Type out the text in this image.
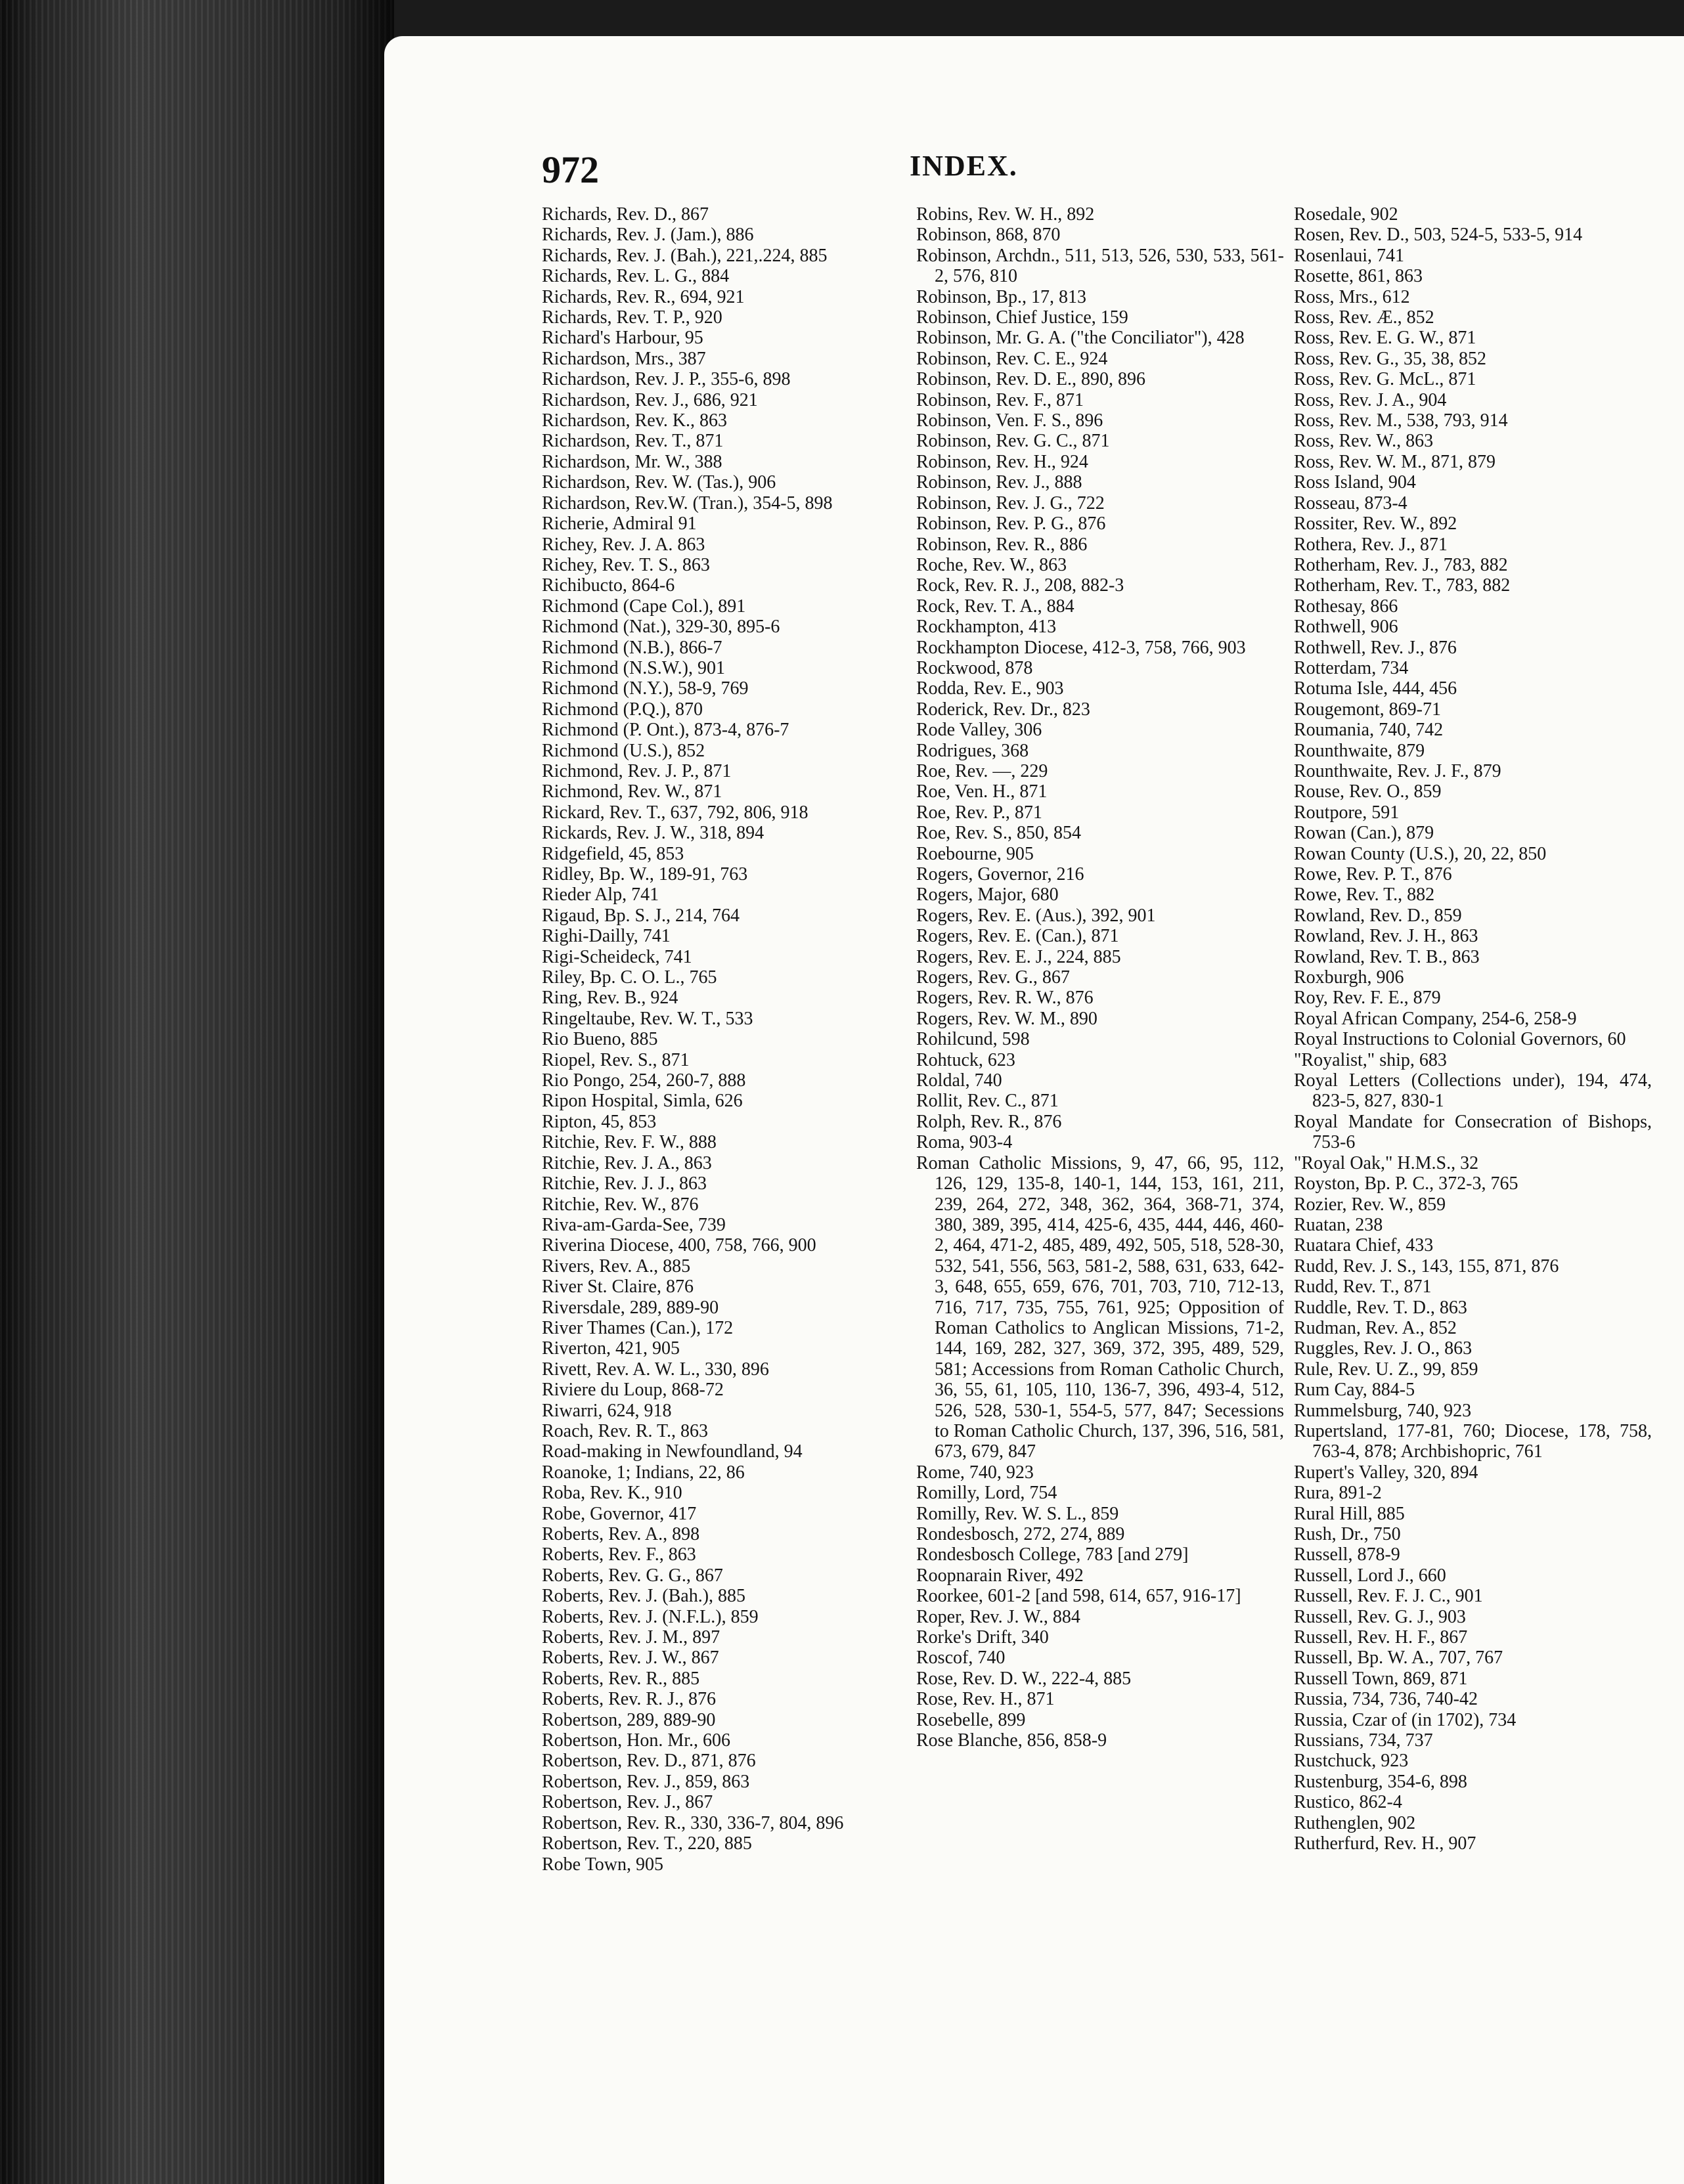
972	INDEX.
Richards, Rev. D., 867
Richards, Rev. J. (Jam.), 886
Richards, Rev. J. (Bah.), 221,.224, 885
Richards, Rev. L. G., 884
Richards, Rev. R., 694, 921
Richards, Rev. T. P., 920
Richard's Harbour, 95
Richardson, Mrs., 387
Richardson, Rev. J. P., 355-6, 898
Richardson, Rev. J., 686, 921
Richardson, Rev. K., 863
Richardson, Rev. T., 871
Richardson, Mr. W., 388
Richardson, Rev. W. (Tas.), 906
Richardson, Rev.W. (Tran.), 354-5, 898
Richerie, Admiral 91
Richey, Rev. J. A. 863
Richey, Rev. T. S., 863
Richibucto, 864-6
Richmond (Cape Col.), 891
Richmond (Nat.), 329-30, 895-6
Richmond (N.B.), 866-7
Richmond (N.S.W.), 901
Richmond (N.Y.), 58-9, 769
Richmond (P.Q.), 870
Richmond (P. Ont.), 873-4, 876-7
Richmond (U.S.), 852
Richmond, Rev. J. P., 871
Richmond, Rev. W., 871
Rickard, Rev. T., 637, 792, 806, 918
Rickards, Rev. J. W., 318, 894
Ridgefield, 45, 853
Ridley, Bp. W., 189-91, 763
Rieder Alp, 741
Rigaud, Bp. S. J., 214, 764
Righi-Dailly, 741
Rigi-Scheideck, 741
Riley, Bp. C. O. L., 765
Ring, Rev. B., 924
Ringeltaube, Rev. W. T., 533
Rio Bueno, 885
Riopel, Rev. S., 871
Rio Pongo, 254, 260-7, 888
Ripon Hospital, Simla, 626
Ripton, 45, 853
Ritchie, Rev. F. W., 888
Ritchie, Rev. J. A., 863
Ritchie, Rev. J. J., 863
Ritchie, Rev. W., 876
Riva-am-Garda-See, 739
Riverina Diocese, 400, 758, 766, 900
Rivers, Rev. A., 885
River St. Claire, 876
Riversdale, 289, 889-90
River Thames (Can.), 172
Riverton, 421, 905
Rivett, Rev. A. W. L., 330, 896
Riviere du Loup, 868-72
Riwarri, 624, 918
Roach, Rev. R. T., 863
Road-making in Newfoundland, 94
Roanoke, 1; Indians, 22, 86
Roba, Rev. K., 910
Robe, Governor, 417
Roberts, Rev. A., 898
Roberts, Rev. F., 863
Roberts, Rev. G. G., 867
Roberts, Rev. J. (Bah.), 885
Roberts, Rev. J. (N.F.L.), 859
Roberts, Rev. J. M., 897
Roberts, Rev. J. W., 867
Roberts, Rev. R., 885
Roberts, Rev. R. J., 876
Robertson, 289, 889-90
Robertson, Hon. Mr., 606
Robertson, Rev. D., 871, 876
Robertson, Rev. J., 859, 863
Robertson, Rev. J., 867
Robertson, Rev. R., 330, 336-7, 804, 896
Robertson, Rev. T., 220, 885
Robe Town, 905
Robins, Rev. W. H., 892
Robinson, 868, 870
Robinson, Archdn., 511, 513, 526, 530, 533, 561-2, 576, 810
Robinson, Bp., 17, 813
Robinson, Chief Justice, 159
Robinson, Mr. G. A. ("the Conciliator"), 428
Robinson, Rev. C. E., 924
Robinson, Rev. D. E., 890, 896
Robinson, Rev. F., 871
Robinson, Ven. F. S., 896
Robinson, Rev. G. C., 871
Robinson, Rev. H., 924
Robinson, Rev. J., 888
Robinson, Rev. J. G., 722
Robinson, Rev. P. G., 876
Robinson, Rev. R., 886
Roche, Rev. W., 863
Rock, Rev. R. J., 208, 882-3
Rock, Rev. T. A., 884
Rockhampton, 413
Rockhampton Diocese, 412-3, 758, 766, 903
Rockwood, 878
Rodda, Rev. E., 903
Roderick, Rev. Dr., 823
Rode Valley, 306
Rodrigues, 368
Roe, Rev. —, 229
Roe, Ven. H., 871
Roe, Rev. P., 871
Roe, Rev. S., 850, 854
Roebourne, 905
Rogers, Governor, 216
Rogers, Major, 680
Rogers, Rev. E. (Aus.), 392, 901
Rogers, Rev. E. (Can.), 871
Rogers, Rev. E. J., 224, 885
Rogers, Rev. G., 867
Rogers, Rev. R. W., 876
Rogers, Rev. W. M., 890
Rohilcund, 598
Rohtuck, 623
Roldal, 740
Rollit, Rev. C., 871
Rolph, Rev. R., 876
Roma, 903-4
Roman Catholic Missions, 9, 47, 66, 95, 112, 126, 129, 135-8, 140-1, 144, 153, 161, 211, 239, 264, 272, 348, 362, 364, 368-71, 374, 380, 389, 395, 414, 425-6, 435, 444, 446, 460-2, 464, 471-2, 485, 489, 492, 505, 518, 528-30, 532, 541, 556, 563, 581-2, 588, 631, 633, 642-3, 648, 655, 659, 676, 701, 703, 710, 712-13, 716, 717, 735, 755, 761, 925; Opposition of Roman Catholics to Anglican Missions, 71-2, 144, 169, 282, 327, 369, 372, 395, 489, 529, 581; Accessions from Roman Catholic Church, 36, 55, 61, 105, 110, 136-7, 396, 493-4, 512, 526, 528, 530-1, 554-5, 577, 847; Secessions to Roman Catholic Church, 137, 396, 516, 581, 673, 679, 847
Rome, 740, 923
Romilly, Lord, 754
Romilly, Rev. W. S. L., 859
Rondesbosch, 272, 274, 889
Rondesbosch College, 783 [and 279]
Roopnarain River, 492
Roorkee, 601-2 [and 598, 614, 657, 916-17]
Roper, Rev. J. W., 884
Rorke's Drift, 340
Roscof, 740
Rose, Rev. D. W., 222-4, 885
Rose, Rev. H., 871
Rosebelle, 899
Rose Blanche, 856, 858-9
Rosedale, 902
Rosen, Rev. D., 503, 524-5, 533-5, 914
Rosenlaui, 741
Rosette, 861, 863
Ross, Mrs., 612
Ross, Rev. Æ., 852
Ross, Rev. E. G. W., 871
Ross, Rev. G., 35, 38, 852
Ross, Rev. G. McL., 871
Ross, Rev. J. A., 904
Ross, Rev. M., 538, 793, 914
Ross, Rev. W., 863
Ross, Rev. W. M., 871, 879
Ross Island, 904
Rosseau, 873-4
Rossiter, Rev. W., 892
Rothera, Rev. J., 871
Rotherham, Rev. J., 783, 882
Rotherham, Rev. T., 783, 882
Rothesay, 866
Rothwell, 906
Rothwell, Rev. J., 876
Rotterdam, 734
Rotuma Isle, 444, 456
Rougemont, 869-71
Roumania, 740, 742
Rounthwaite, 879
Rounthwaite, Rev. J. F., 879
Rouse, Rev. O., 859
Routpore, 591
Rowan (Can.), 879
Rowan County (U.S.), 20, 22, 850
Rowe, Rev. P. T., 876
Rowe, Rev. T., 882
Rowland, Rev. D., 859
Rowland, Rev. J. H., 863
Rowland, Rev. T. B., 863
Roxburgh, 906
Roy, Rev. F. E., 879
Royal African Company, 254-6, 258-9
Royal Instructions to Colonial Governors, 60
"Royalist," ship, 683
Royal Letters (Collections under), 194, 474, 823-5, 827, 830-1
Royal Mandate for Consecration of Bishops, 753-6
"Royal Oak," H.M.S., 32
Royston, Bp. P. C., 372-3, 765
Rozier, Rev. W., 859
Ruatan, 238
Ruatara Chief, 433
Rudd, Rev. J. S., 143, 155, 871, 876
Rudd, Rev. T., 871
Ruddle, Rev. T. D., 863
Rudman, Rev. A., 852
Ruggles, Rev. J. O., 863
Rule, Rev. U. Z., 99, 859
Rum Cay, 884-5
Rummelsburg, 740, 923
Rupertsland, 177-81, 760; Diocese, 178, 758, 763-4, 878; Archbishopric, 761
Rupert's Valley, 320, 894
Rura, 891-2
Rural Hill, 885
Rush, Dr., 750
Russell, 878-9
Russell, Lord J., 660
Russell, Rev. F. J. C., 901
Russell, Rev. G. J., 903
Russell, Rev. H. F., 867
Russell, Bp. W. A., 707, 767
Russell Town, 869, 871
Russia, 734, 736, 740-42
Russia, Czar of (in 1702), 734
Russians, 734, 737
Rustchuck, 923
Rustenburg, 354-6, 898
Rustico, 862-4
Ruthenglen, 902
Rutherfurd, Rev. H., 907
